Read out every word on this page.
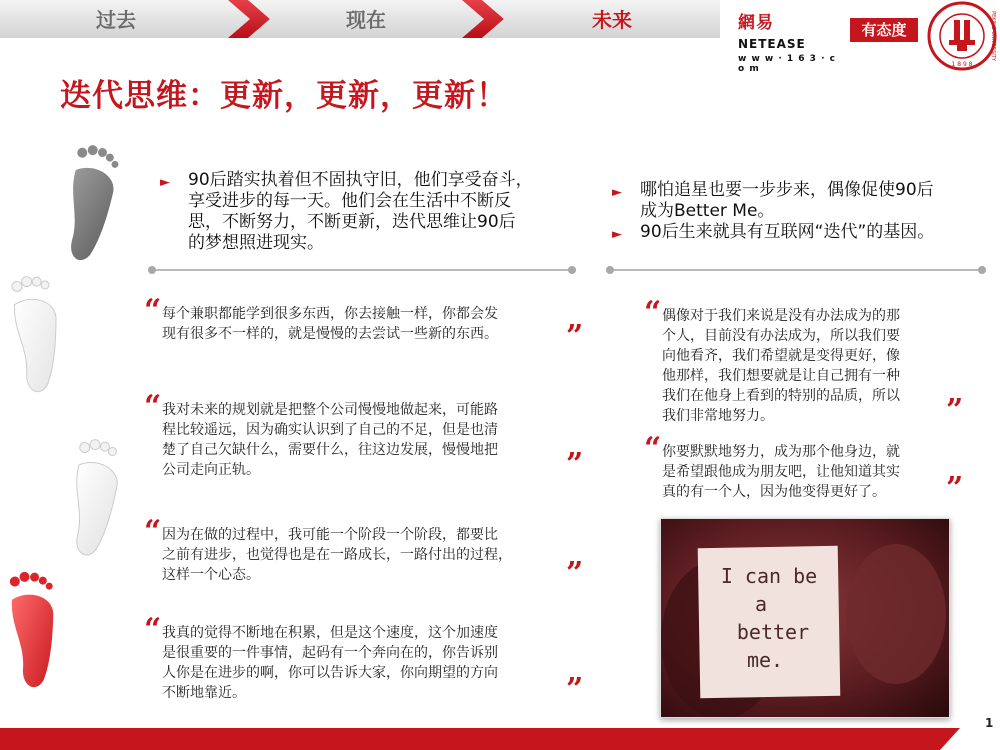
过去	现在	未来	網易 NETEASE
w w w · 1 6 3 · c o m
有态度
1 8 9 8
PEKING UNIVERSITY
迭代思维：更新，更新，更新！
►	90后踏实执着但不固执守旧，他们享受奋斗，
享受进步的每一天。他们会在生活中不断反
思，不断努力，不断更新，迭代思维让90后
的梦想照进现实。
►	哪怕追星也要一步步来，偶像促使90后
成为Better Me。
►	90后生来就具有互联网“迭代”的基因。
“ 每个兼职都能学到很多东西，你去接触一样，你都会发
现有很多不一样的，就是慢慢的去尝试一些新的东西。	”
“ 我对未来的规划就是把整个公司慢慢地做起来，可能路
程比较遥远，因为确实认识到了自己的不足，但是也清
楚了自己欠缺什么，需要什么，往这边发展，慢慢地把
公司走向正轨。	”
“ 因为在做的过程中，我可能一个阶段一个阶段，都要比
之前有进步，也觉得也是在一路成长，一路付出的过程，
这样一个心态。	”
“ 我真的觉得不断地在积累，但是这个速度，这个加速度
是很重要的一件事情，起码有一个奔向在的，你告诉别
人你是在进步的啊，你可以告诉大家，你向期望的方向
不断地靠近。	”
“ 偶像对于我们来说是没有办法成为的那
个人，目前没有办法成为，所以我们要
向他看齐，我们希望就是变得更好，像
他那样，我们想要就是让自己拥有一种
我们在他身上看到的特别的品质，所以
我们非常地努力。	”
“ 你要默默地努力，成为那个他身边，就
是希望跟他成为朋友吧，让他知道其实
真的有一个人，因为他变得更好了。	”
I can be
a
better
me.
1
